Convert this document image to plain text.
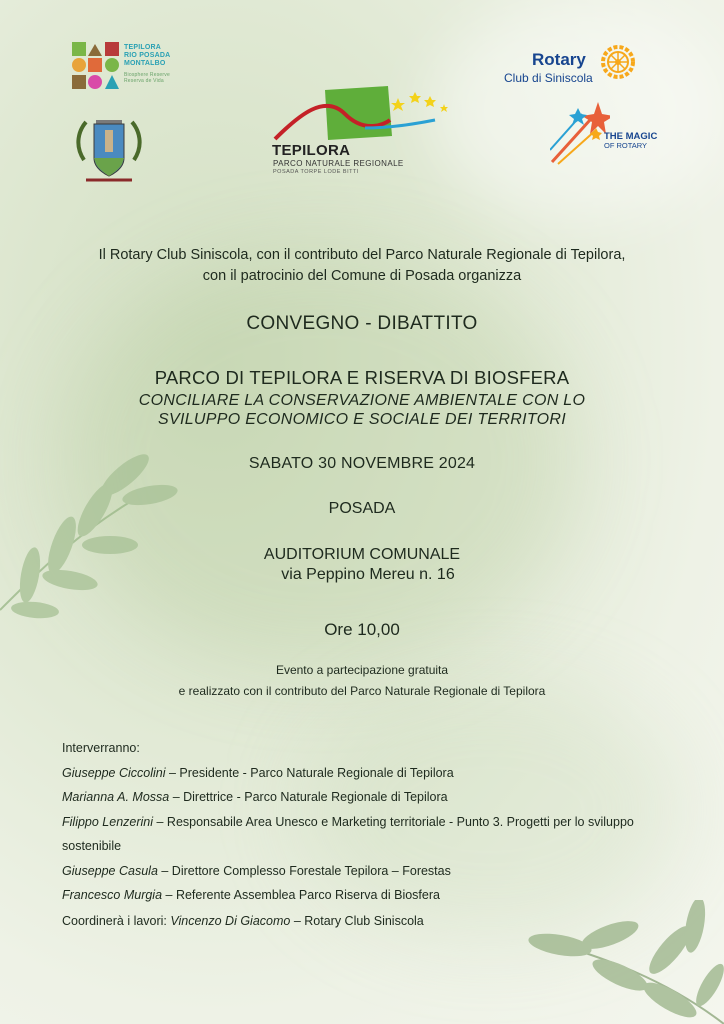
TEPILORA
RIO POSADA
MONTALBO
Biosphere Reserve
Reserva de Vida
TEPILORA
PARCO NATURALE REGIONALE
POSADA TORPE LODE BITTI
Rotary
Club di Siniscola
THE MAGIC
OF ROTARY
Il Rotary Club Siniscola, con il contributo del Parco Naturale Regionale di Tepilora,
con il patrocinio del Comune di Posada organizza
CONVEGNO - DIBATTITO
PARCO DI TEPILORA E RISERVA DI BIOSFERA
CONCILIARE LA CONSERVAZIONE AMBIENTALE CON LO
SVILUPPO ECONOMICO E SOCIALE DEI TERRITORI
SABATO 30 NOVEMBRE 2024
POSADA
AUDITORIUM COMUNALE
via Peppino Mereu n. 16
Ore 10,00
Evento a partecipazione gratuita
e realizzato con il contributo del Parco Naturale Regionale di Tepilora
Interverranno:
Giuseppe Ciccolini – Presidente - Parco Naturale Regionale di Tepilora
Marianna A. Mossa – Direttrice - Parco Naturale Regionale di Tepilora
Filippo Lenzerini – Responsabile Area Unesco e Marketing territoriale - Punto 3. Progetti per lo sviluppo sostenibile
Giuseppe Casula – Direttore Complesso Forestale Tepilora – Forestas
Francesco Murgia – Referente Assemblea Parco Riserva di Biosfera
Coordinerà i lavori: Vincenzo Di Giacomo – Rotary Club Siniscola
